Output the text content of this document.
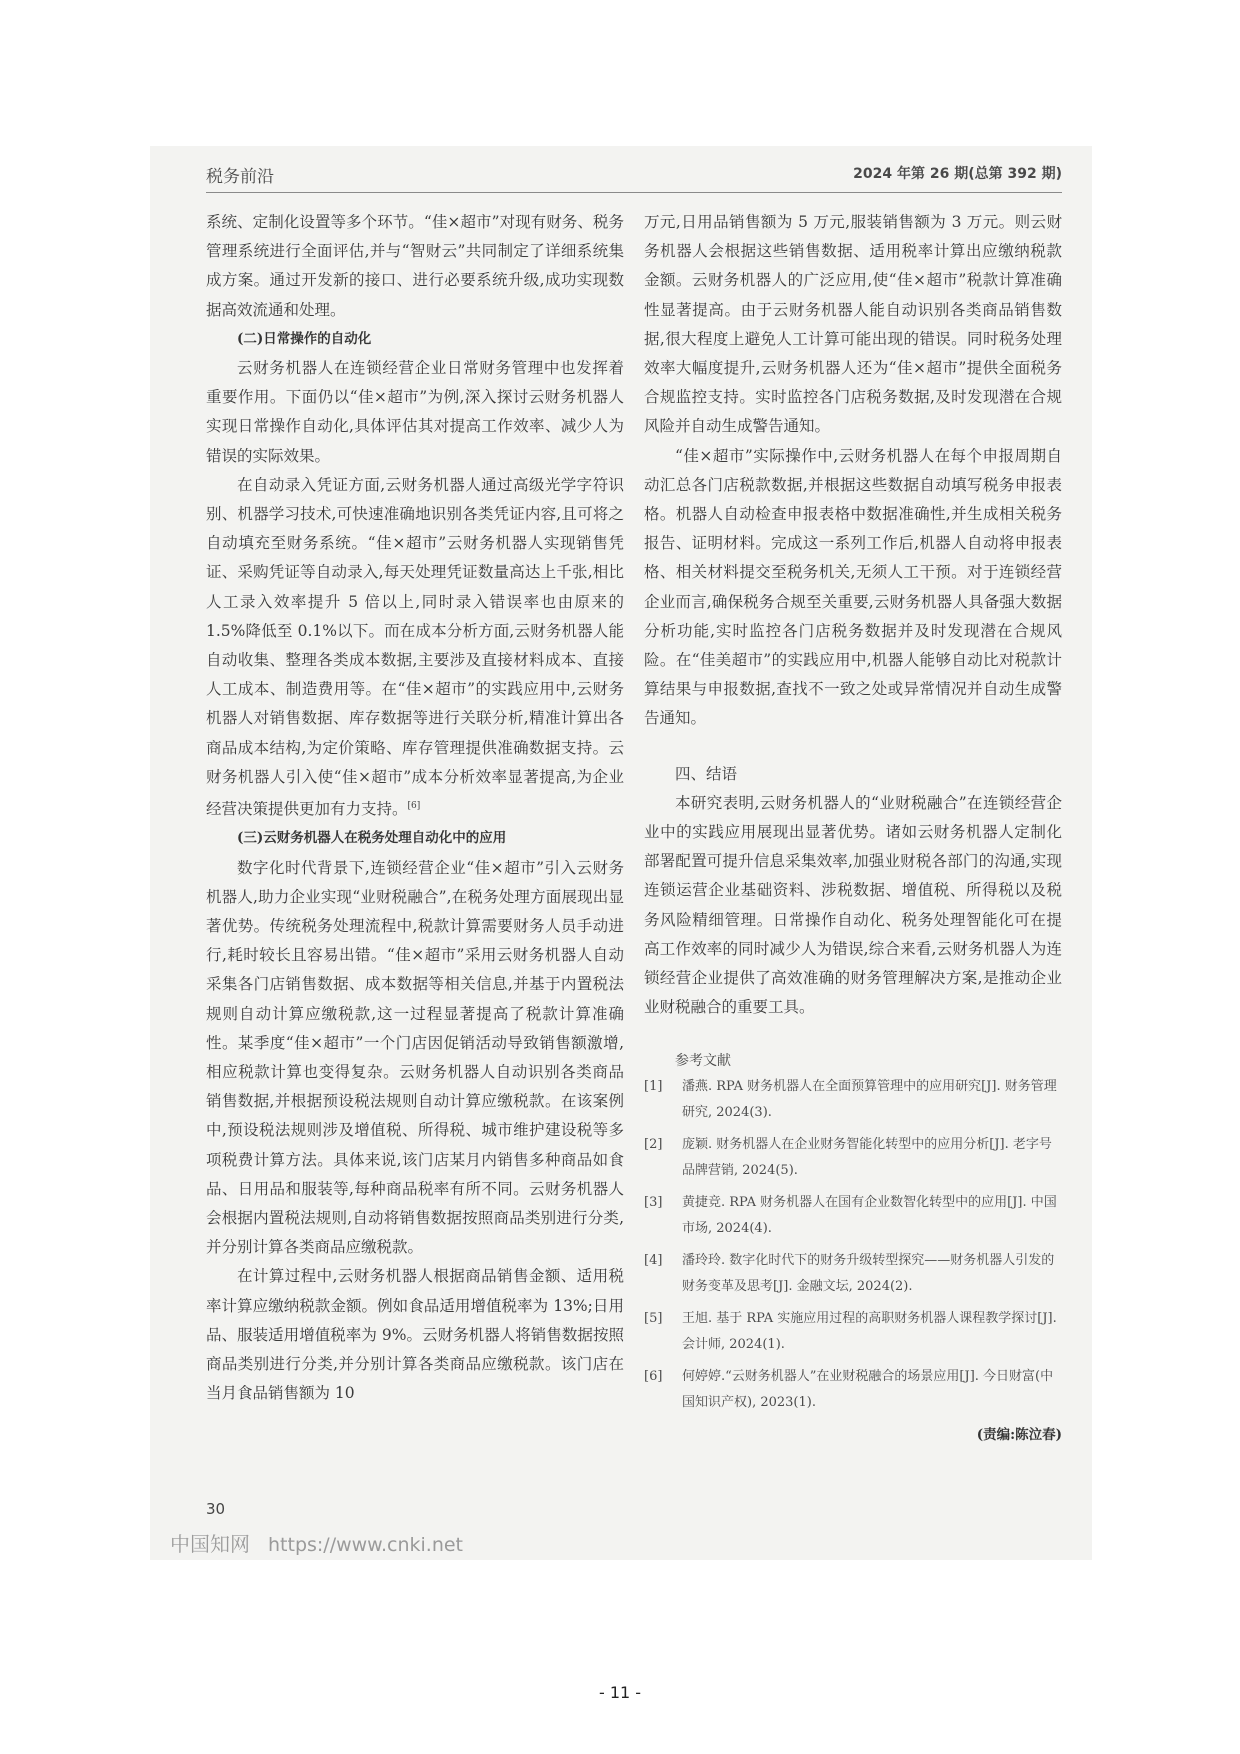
税务前沿	2024 年第 26 期(总第 392 期)

系统、定制化设置等多个环节。“佳×超市”对现有财务、税务管理系统进行全面评估,并与“智财云”共同制定了详细系统集成方案。通过开发新的接口、进行必要系统升级,成功实现数据高效流通和处理。

(二)日常操作的自动化

云财务机器人在连锁经营企业日常财务管理中也发挥着重要作用。下面仍以“佳×超市”为例,深入探讨云财务机器人实现日常操作自动化,具体评估其对提高工作效率、减少人为错误的实际效果。

在自动录入凭证方面,云财务机器人通过高级光学字符识别、机器学习技术,可快速准确地识别各类凭证内容,且可将之自动填充至财务系统。“佳×超市”云财务机器人实现销售凭证、采购凭证等自动录入,每天处理凭证数量高达上千张,相比人工录入效率提升 5 倍以上,同时录入错误率也由原来的 1.5%降低至 0.1%以下。而在成本分析方面,云财务机器人能自动收集、整理各类成本数据,主要涉及直接材料成本、直接人工成本、制造费用等。在“佳×超市”的实践应用中,云财务机器人对销售数据、库存数据等进行关联分析,精准计算出各商品成本结构,为定价策略、库存管理提供准确数据支持。云财务机器人引入使“佳×超市”成本分析效率显著提高,为企业经营决策提供更加有力支持。[6]

(三)云财务机器人在税务处理自动化中的应用

数字化时代背景下,连锁经营企业“佳×超市”引入云财务机器人,助力企业实现“业财税融合”,在税务处理方面展现出显著优势。传统税务处理流程中,税款计算需要财务人员手动进行,耗时较长且容易出错。“佳×超市”采用云财务机器人自动采集各门店销售数据、成本数据等相关信息,并基于内置税法规则自动计算应缴税款,这一过程显著提高了税款计算准确性。某季度“佳×超市”一个门店因促销活动导致销售额激增,相应税款计算也变得复杂。云财务机器人自动识别各类商品销售数据,并根据预设税法规则自动计算应缴税款。在该案例中,预设税法规则涉及增值税、所得税、城市维护建设税等多项税费计算方法。具体来说,该门店某月内销售多种商品如食品、日用品和服装等,每种商品税率有所不同。云财务机器人会根据内置税法规则,自动将销售数据按照商品类别进行分类,并分别计算各类商品应缴税款。

在计算过程中,云财务机器人根据商品销售金额、适用税率计算应缴纳税款金额。例如食品适用增值税率为 13%;日用品、服装适用增值税率为 9%。云财务机器人将销售数据按照商品类别进行分类,并分别计算各类商品应缴税款。该门店在当月食品销售额为 10

万元,日用品销售额为 5 万元,服装销售额为 3 万元。则云财务机器人会根据这些销售数据、适用税率计算出应缴纳税款金额。云财务机器人的广泛应用,使“佳×超市”税款计算准确性显著提高。由于云财务机器人能自动识别各类商品销售数据,很大程度上避免人工计算可能出现的错误。同时税务处理效率大幅度提升,云财务机器人还为“佳×超市”提供全面税务合规监控支持。实时监控各门店税务数据,及时发现潜在合规风险并自动生成警告通知。

“佳×超市”实际操作中,云财务机器人在每个申报周期自动汇总各门店税款数据,并根据这些数据自动填写税务申报表格。机器人自动检查申报表格中数据准确性,并生成相关税务报告、证明材料。完成这一系列工作后,机器人自动将申报表格、相关材料提交至税务机关,无须人工干预。对于连锁经营企业而言,确保税务合规至关重要,云财务机器人具备强大数据分析功能,实时监控各门店税务数据并及时发现潜在合规风险。在“佳美超市”的实践应用中,机器人能够自动比对税款计算结果与申报数据,查找不一致之处或异常情况并自动生成警告通知。

四、结语

本研究表明,云财务机器人的“业财税融合”在连锁经营企业中的实践应用展现出显著优势。诸如云财务机器人定制化部署配置可提升信息采集效率,加强业财税各部门的沟通,实现连锁运营企业基础资料、涉税数据、增值税、所得税以及税务风险精细管理。日常操作自动化、税务处理智能化可在提高工作效率的同时减少人为错误,综合来看,云财务机器人为连锁经营企业提供了高效准确的财务管理解决方案,是推动企业业财税融合的重要工具。

参考文献

[1]	潘燕. RPA 财务机器人在全面预算管理中的应用研究[J]. 财务管理研究, 2024(3).
[2]	庞颖. 财务机器人在企业财务智能化转型中的应用分析[J]. 老字号品牌营销, 2024(5).
[3]	黄捷竞. RPA 财务机器人在国有企业数智化转型中的应用[J]. 中国市场, 2024(4).
[4]	潘玲玲. 数字化时代下的财务升级转型探究——财务机器人引发的财务变革及思考[J]. 金融文坛, 2024(2).
[5]	王旭. 基于 RPA 实施应用过程的高职财务机器人课程教学探讨[J]. 会计师, 2024(1).
[6]	何婷婷.“云财务机器人”在业财税融合的场景应用[J]. 今日财富(中国知识产权), 2023(1).
(责编:陈泣春)
30
中国知网 https://www.cnki.net
- 11 -
